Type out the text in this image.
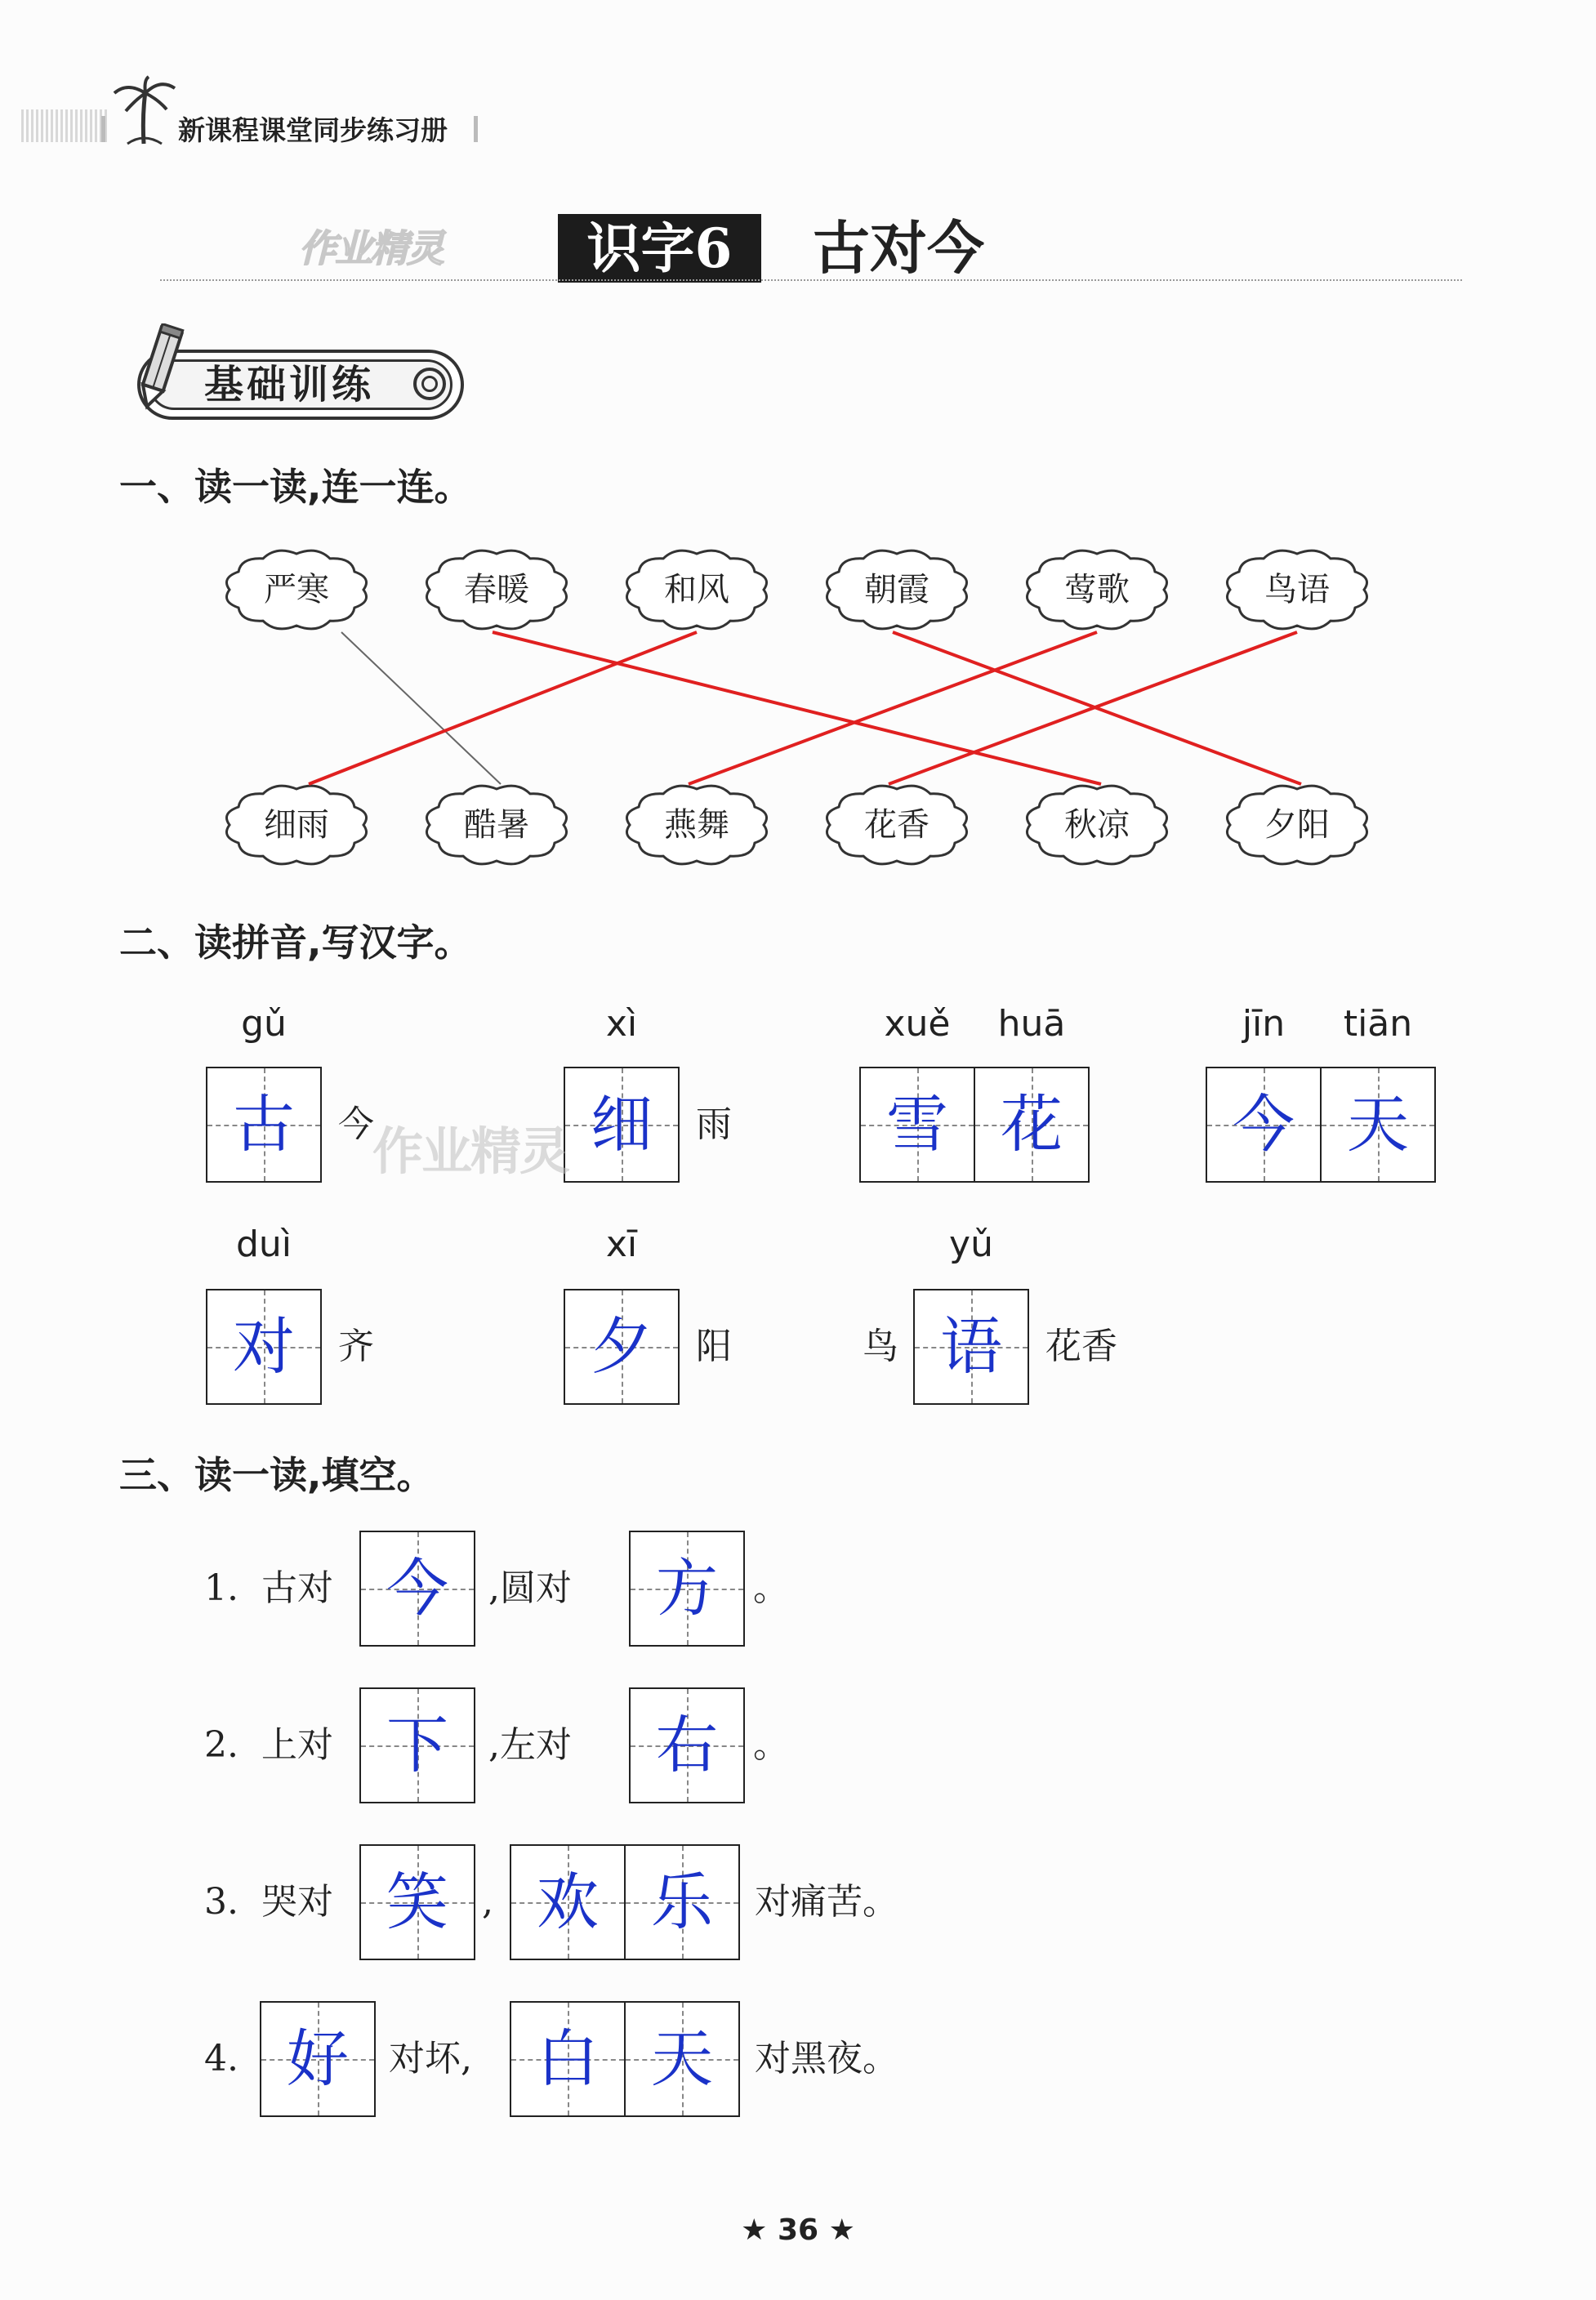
新课程课堂同步练习册
作业精灵	识字6	古对今
基础训练
一、读一读,连一连。
严寒	春暖	和风	朝霞	莺歌	鸟语
细雨	酷暑	燕舞	花香	秋凉	夕阳
二、读拼音,写汉字。
gǔ
古	今
xì
细	雨
xuě	huā
雪 花
jīn	tiān
今 天
作业精灵
duì
对	齐
xī
夕	阳
yǔ
鸟 语	花香
三、读一读,填空。
1. 古对 今	,圆对	方 。
2. 上对 下	,左对	右 。
3. 哭对 笑 , 欢 乐	对痛苦。
4. 好	对坏,	白 天	对黑夜。
★ 36 ★
